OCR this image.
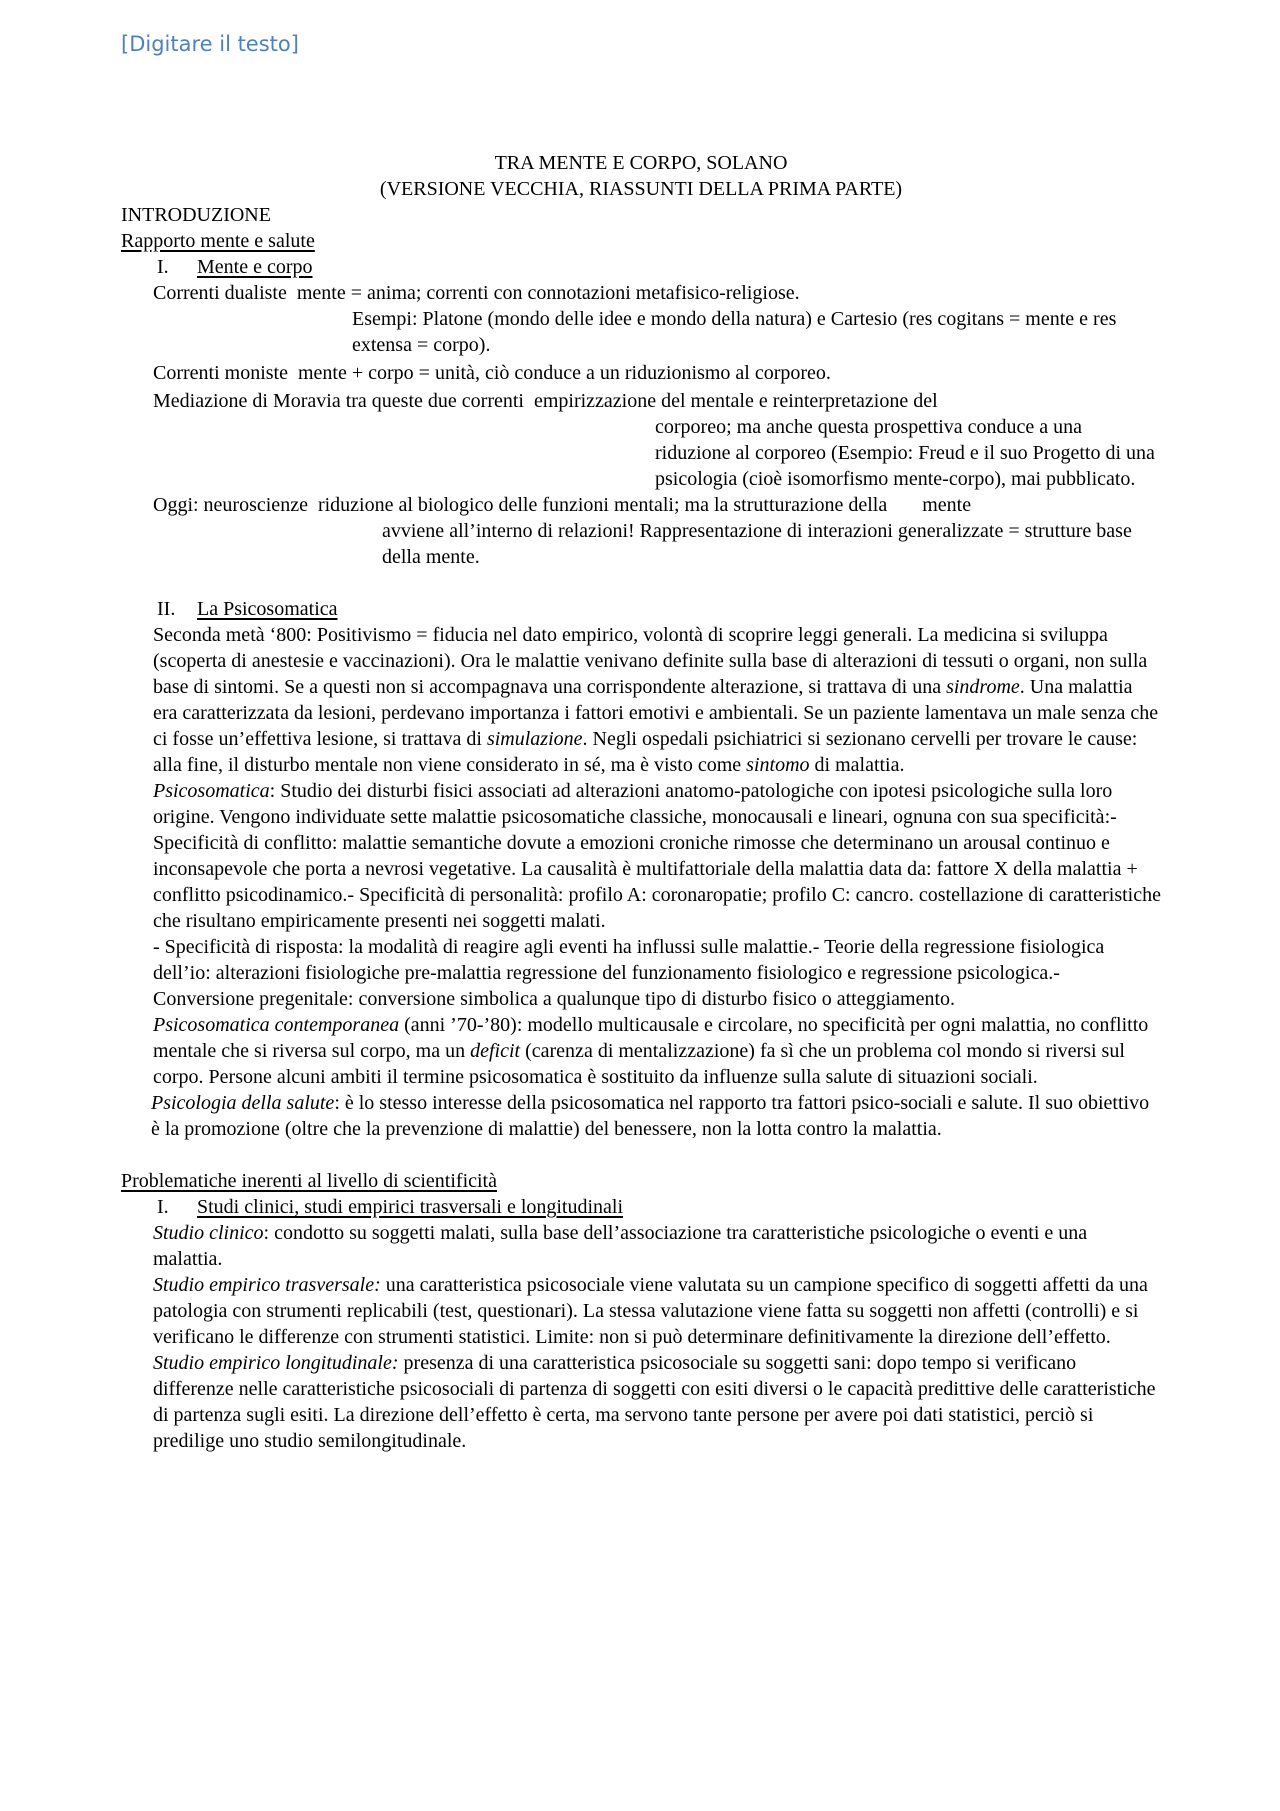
[Digitare il testo]
TRA MENTE E CORPO, SOLANO
(VERSIONE VECCHIA, RIASSUNTI DELLA PRIMA PARTE)
INTRODUZIONE
Rapporto mente e salute
I.	Mente e corpo
Correnti dualiste  mente = anima; correnti con connotazioni metafisico-religiose.
Esempi: Platone (mondo delle idee e mondo della natura) e Cartesio (res cogitans = mente e res extensa = corpo).
Correnti moniste  mente + corpo = unità, ciò conduce a un riduzionismo al corporeo.
Mediazione di Moravia tra queste due correnti  empirizzazione del mentale e reinterpretazione del
corporeo; ma anche questa prospettiva conduce a una riduzione al corporeo (Esempio: Freud e il suo Progetto di una psicologia (cioè isomorfismo mente-corpo), mai pubblicato.
Oggi: neuroscienze  riduzione al biologico delle funzioni mentali; ma la strutturazione della       mente
avviene all’interno di relazioni! Rappresentazione di interazioni generalizzate = strutture base della mente.
II.	La Psicosomatica
Seconda metà ‘800: Positivismo = fiducia nel dato empirico, volontà di scoprire leggi generali. La medicina si sviluppa (scoperta di anestesie e vaccinazioni). Ora le malattie venivano definite sulla base di alterazioni di tessuti o organi, non sulla base di sintomi. Se a questi non si accompagnava una corrispondente alterazione, si trattava di una sindrome. Una malattia era caratterizzata da lesioni, perdevano importanza i fattori emotivi e ambientali. Se un paziente lamentava un male senza che ci fosse un’effettiva lesione, si trattava di simulazione. Negli ospedali psichiatrici si sezionano cervelli per trovare le cause: alla fine, il disturbo mentale non viene considerato in sé, ma è visto come sintomo di malattia.
Psicosomatica: Studio dei disturbi fisici associati ad alterazioni anatomo-patologiche con ipotesi psicologiche sulla loro origine. Vengono individuate sette malattie psicosomatiche classiche, monocausali e lineari, ognuna con sua specificità:- Specificità di conflitto: malattie semantiche dovute a emozioni croniche rimosse che determinano un arousal continuo e inconsapevole che porta a nevrosi vegetative. La causalità è multifattoriale della malattia data da: fattore X della malattia + conflitto psicodinamico.- Specificità di personalità: profilo A: coronaropatie; profilo C: cancro. costellazione di caratteristiche che risultano empiricamente presenti nei soggetti malati.
- Specificità di risposta: la modalità di reagire agli eventi ha influssi sulle malattie.- Teorie della regressione fisiologica dell’io: alterazioni fisiologiche pre-malattia regressione del funzionamento fisiologico e regressione psicologica.- Conversione pregenitale: conversione simbolica a qualunque tipo di disturbo fisico o atteggiamento.
Psicosomatica contemporanea (anni ’70-’80): modello multicausale e circolare, no specificità per ogni malattia, no conflitto mentale che si riversa sul corpo, ma un deficit (carenza di mentalizzazione) fa sì che un problema col mondo si riversi sul corpo. Persone alcuni ambiti il termine psicosomatica è sostituito da influenze sulla salute di situazioni sociali.
Psicologia della salute: è lo stesso interesse della psicosomatica nel rapporto tra fattori psico-sociali e salute. Il suo obiettivo è la promozione (oltre che la prevenzione di malattie) del benessere, non la lotta contro la malattia.
Problematiche inerenti al livello di scientificità
I.	Studi clinici, studi empirici trasversali e longitudinali
Studio clinico: condotto su soggetti malati, sulla base dell’associazione tra caratteristiche psicologiche o eventi e una malattia.
Studio empirico trasversale: una caratteristica psicosociale viene valutata su un campione specifico di soggetti affetti da una patologia con strumenti replicabili (test, questionari). La stessa valutazione viene fatta su soggetti non affetti (controlli) e si verificano le differenze con strumenti statistici. Limite: non si può determinare definitivamente la direzione dell’effetto.
Studio empirico longitudinale: presenza di una caratteristica psicosociale su soggetti sani: dopo tempo si verificano differenze nelle caratteristiche psicosociali di partenza di soggetti con esiti diversi o le capacità predittive delle caratteristiche di partenza sugli esiti. La direzione dell’effetto è certa, ma servono tante persone per avere poi dati statistici, perciò si predilige uno studio semilongitudinale.
